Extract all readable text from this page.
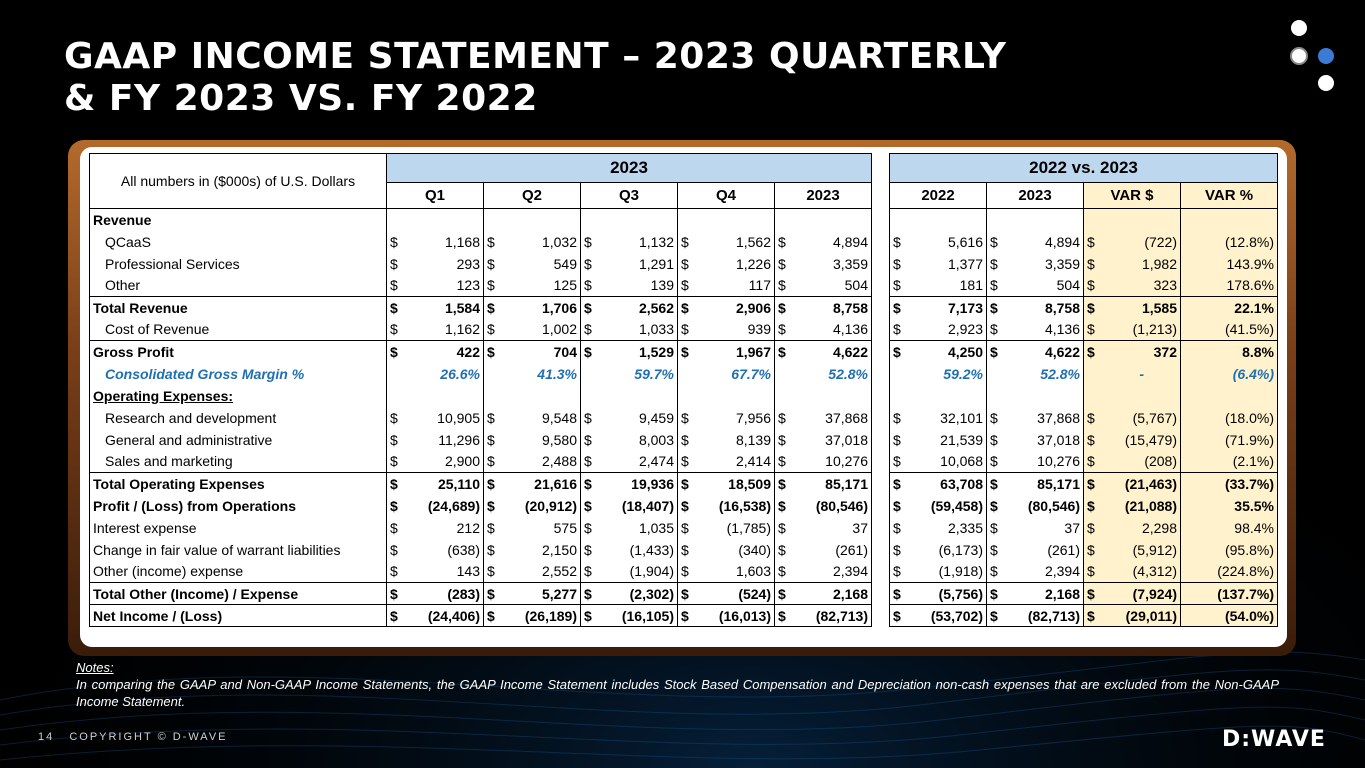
GAAP INCOME STATEMENT – 2023 QUARTERLY
& FY 2023 VS. FY 2022
All numbers in ($000s) of U.S. Dollars	2023											2022 vs. 2023						
	Q1		Q2		Q3		Q4		2023			2022		2023		VAR $		VAR %
Revenue																		
QCaaS	$	1,168	$	1,032	$	1,132	$	1,562	$	4,894		$	5,616	$	4,894	$	(722)	(12.8%)
Professional Services	$	293	$	549	$	1,291	$	1,226	$	3,359		$	1,377	$	3,359	$	1,982	143.9%
Other	$	123	$	125	$	139	$	117	$	504		$	181	$	504	$	323	178.6%
Total Revenue	$	1,584	$	1,706	$	2,562	$	2,906	$	8,758		$	7,173	$	8,758	$	1,585	22.1%
Cost of Revenue	$	1,162	$	1,002	$	1,033	$	939	$	4,136		$	2,923	$	4,136	$	(1,213)	(41.5%)
Gross Profit	$	422	$	704	$	1,529	$	1,967	$	4,622		$	4,250	$	4,622	$	372	8.8%
Consolidated Gross Margin %		26.6%		41.3%		59.7%		67.7%		52.8%			59.2%		52.8%		-	(6.4%)
Operating Expenses:																		
Research and development	$	10,905	$	9,548	$	9,459	$	7,956	$	37,868		$	32,101	$	37,868	$	(5,767)	(18.0%)
General and administrative	$	11,296	$	9,580	$	8,003	$	8,139	$	37,018		$	21,539	$	37,018	$	(15,479)	(71.9%)
Sales and marketing	$	2,900	$	2,488	$	2,474	$	2,414	$	10,276		$	10,068	$	10,276	$	(208)	(2.1%)
Total Operating Expenses	$	25,110	$	21,616	$	19,936	$	18,509	$	85,171		$	63,708	$	85,171	$	(21,463)	(33.7%)
Profit / (Loss) from Operations	$	(24,689)	$	(20,912)	$	(18,407)	$	(16,538)	$	(80,546)		$	(59,458)	$	(80,546)	$	(21,088)	35.5%
Interest expense	$	212	$	575	$	1,035	$	(1,785)	$	37		$	2,335	$	37	$	2,298	98.4%
Change in fair value of warrant liabilities	$	(638)	$	2,150	$	(1,433)	$	(340)	$	(261)		$	(6,173)	$	(261)	$	(5,912)	(95.8%)
Other (income) expense	$	143	$	2,552	$	(1,904)	$	1,603	$	2,394		$	(1,918)	$	2,394	$	(4,312)	(224.8%)
Total Other (Income) / Expense	$	(283)	$	5,277	$	(2,302)	$	(524)	$	2,168		$	(5,756)	$	2,168	$	(7,924)	(137.7%)
Net Income / (Loss)	$	(24,406)	$	(26,189)	$	(16,105)	$	(16,013)	$	(82,713)		$	(53,702)	$	(82,713)	$	(29,011)	(54.0%)
Notes:
In comparing the GAAP and Non-GAAP Income Statements, the GAAP Income Statement includes Stock Based Compensation and Depreciation non-cash expenses that are excluded from the Non-GAAP Income Statement.
14 COPYRIGHT © D-WAVE	D:WAVE
